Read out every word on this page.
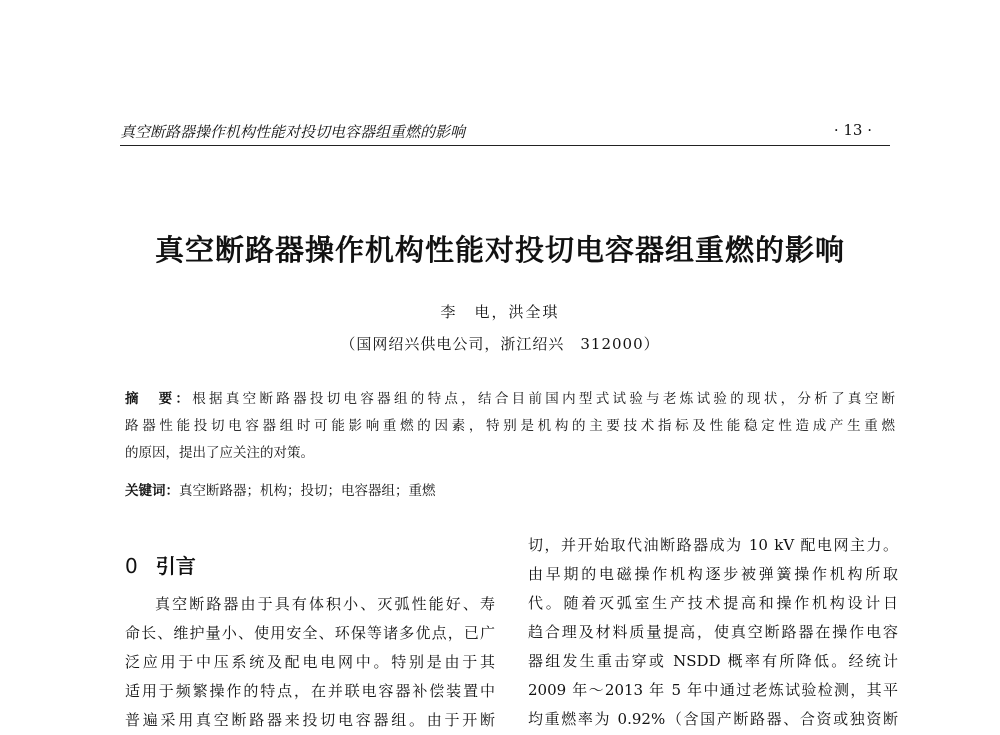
真空断路器操作机构性能对投切电容器组重燃的影响	· 13 ·
真空断路器操作机构性能对投切电容器组重燃的影响
李　电，洪全琪
（国网绍兴供电公司，浙江绍兴　312000）
摘　要：根据真空断路器投切电容器组的特点，结合目前国内型式试验与老炼试验的现状，分析了真空断
路器性能投切电容器组时可能影响重燃的因素，特别是机构的主要技术指标及性能稳定性造成产生重燃
的原因，提出了应关注的对策。
关键词：真空断路器；机构；投切；电容器组；重燃
0 引言
真空断路器由于具有体积小、灭弧性能好、寿
命长、维护量小、使用安全、环保等诸多优点，已广
泛应用于中压系统及配电电网中。特别是由于其
适用于频繁操作的特点，在并联电容器补偿装置中
普遍采用真空断路器来投切电容器组。由于开断
切，并开始取代油断路器成为 10 kV 配电网主力。
由早期的电磁操作机构逐步被弹簧操作机构所取
代。随着灭弧室生产技术提高和操作机构设计日
趋合理及材料质量提高，使真空断路器在操作电容
器组发生重击穿或 NSDD 概率有所降低。经统计
2009 年～2013 年 5 年中通过老炼试验检测，其平
均重燃率为 0.92%（含国产断路器、合资或独资断
